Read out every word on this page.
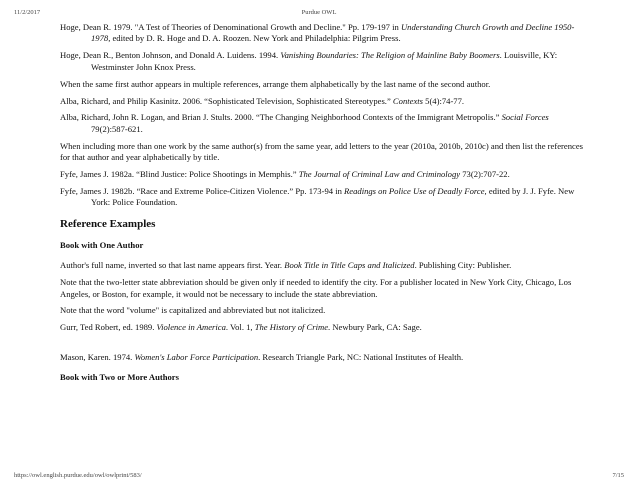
11/2/2017	Purdue OWL

Hoge, Dean R. 1979. "A Test of Theories of Denominational Growth and Decline." Pp. 179-197 in Understanding Church Growth and Decline 1950-1978, edited by D. R. Hoge and D. A. Roozen. New York and Philadelphia: Pilgrim Press.

Hoge, Dean R., Benton Johnson, and Donald A. Luidens. 1994. Vanishing Boundaries: The Religion of Mainline Baby Boomers. Louisville, KY: Westminster John Knox Press.

When the same first author appears in multiple references, arrange them alphabetically by the last name of the second author.

Alba, Richard, and Philip Kasinitz. 2006. “Sophisticated Television, Sophisticated Stereotypes.” Contexts 5(4):74-77.

Alba, Richard, John R. Logan, and Brian J. Stults. 2000. “The Changing Neighborhood Contexts of the Immigrant Metropolis.” Social Forces 79(2):587-621.

When including more than one work by the same author(s) from the same year, add letters to the year (2010a, 2010b, 2010c) and then list the references for that author and year alphabetically by title.

Fyfe, James J. 1982a. “Blind Justice: Police Shootings in Memphis.” The Journal of Criminal Law and Criminology 73(2):707-22.

Fyfe, James J. 1982b. “Race and Extreme Police-Citizen Violence.” Pp. 173-94 in Readings on Police Use of Deadly Force, edited by J. J. Fyfe. New York: Police Foundation.

Reference Examples
Book with One Author

Author's full name, inverted so that last name appears first. Year. Book Title in Title Caps and Italicized. Publishing City: Publisher.

Note that the two-letter state abbreviation should be given only if needed to identify the city. For a publisher located in New York City, Chicago, Los Angeles, or Boston, for example, it would not be necessary to include the state abbreviation.

Note that the word "volume" is capitalized and abbreviated but not italicized.

Gurr, Ted Robert, ed. 1989. Violence in America. Vol. 1, The History of Crime. Newbury Park, CA: Sage.

Mason, Karen. 1974. Women's Labor Force Participation. Research Triangle Park, NC: National Institutes of Health.

Book with Two or More Authors
https://owl.english.purdue.edu/owl/owlprint/583/	7/15
